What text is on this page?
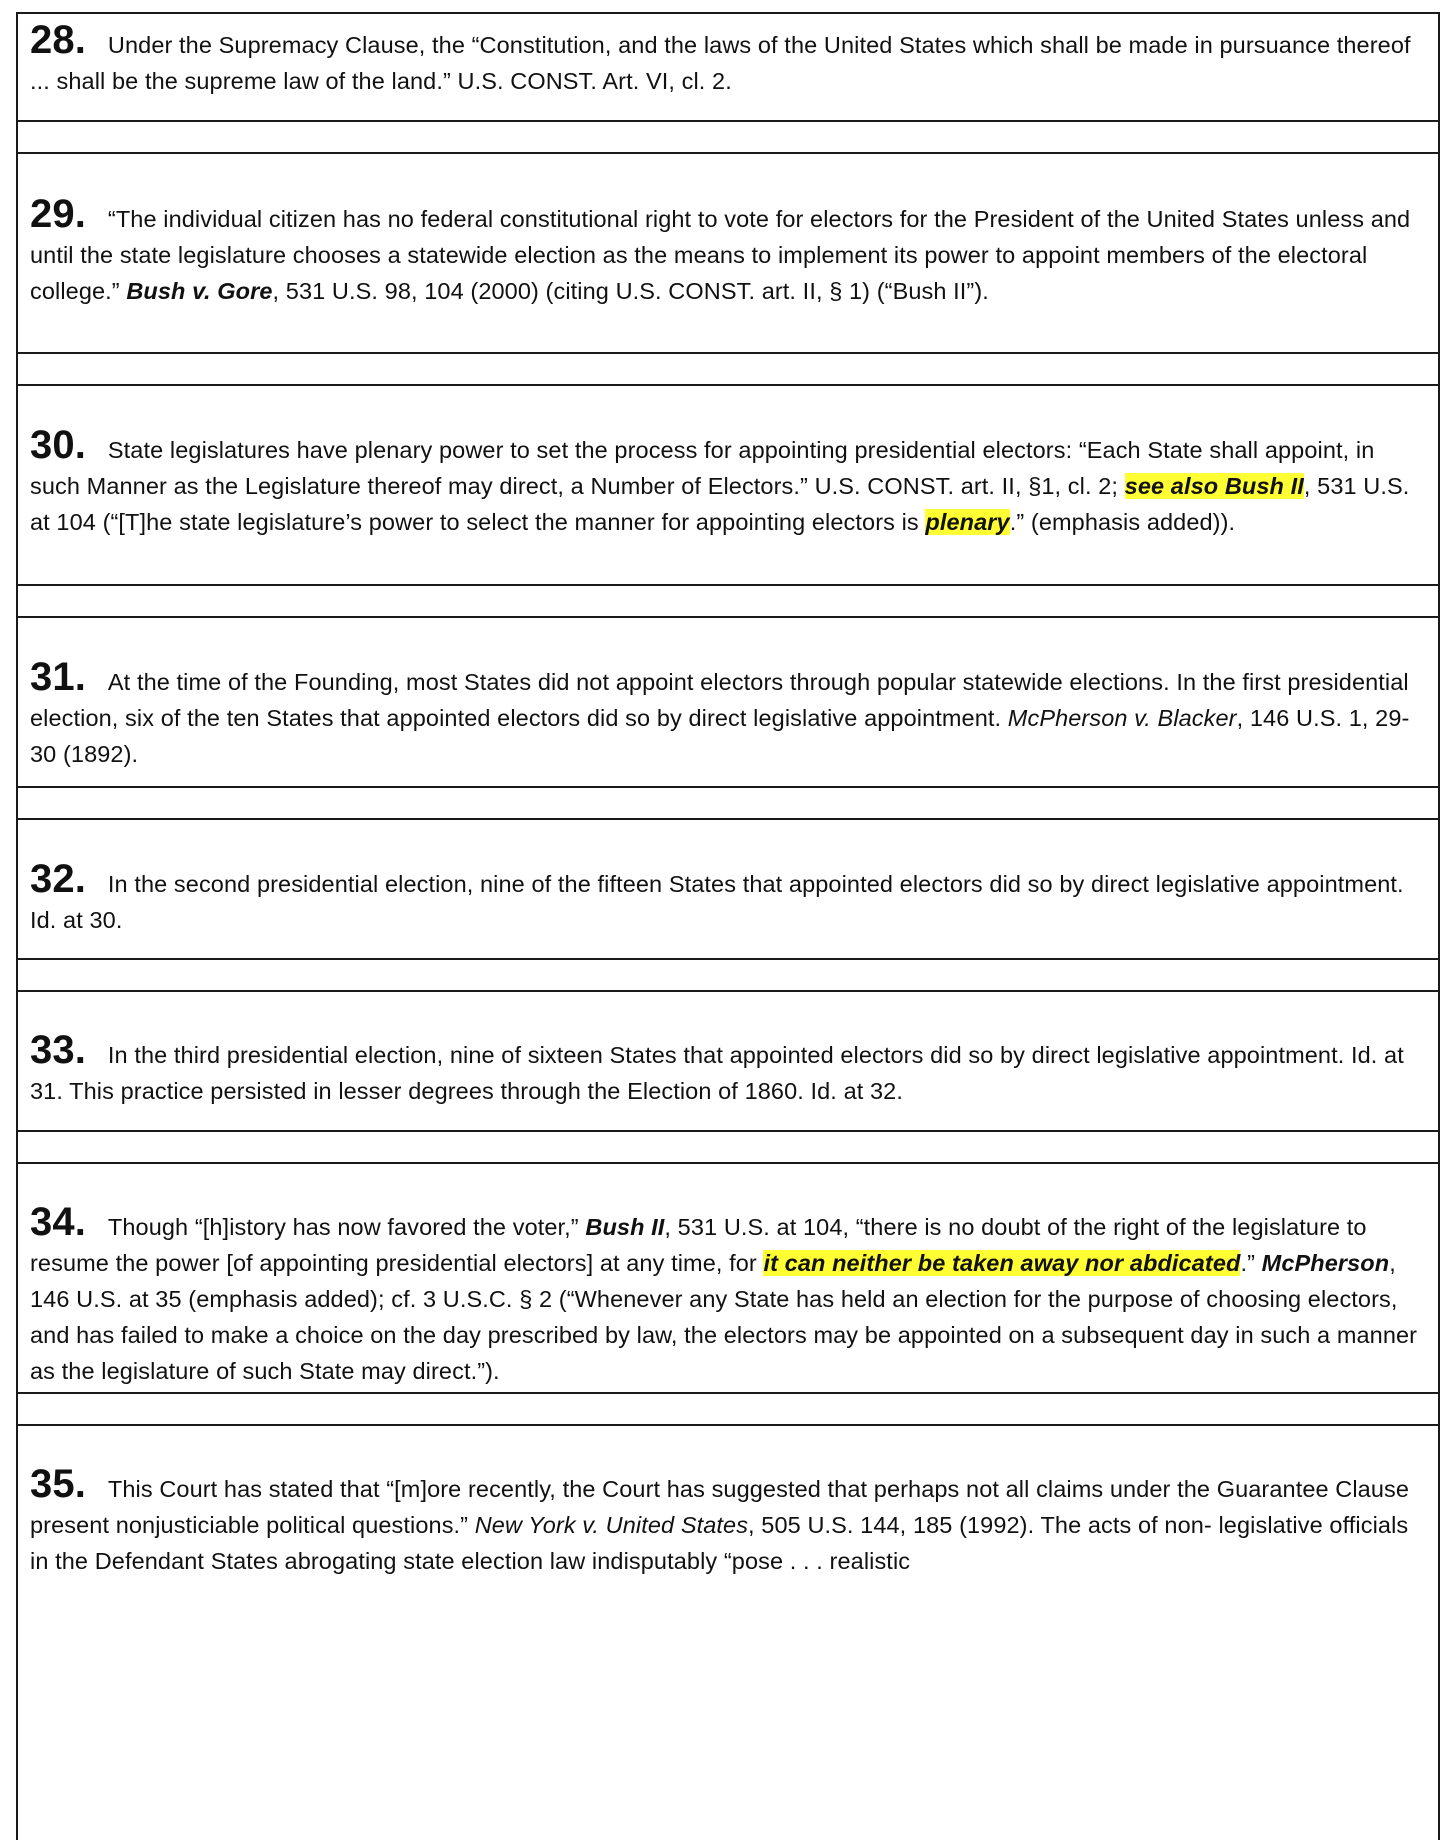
28. Under the Supremacy Clause, the “Constitution, and the laws of the United States which shall be made in pursuance thereof ... shall be the supreme law of the land.” U.S. CONST. Art. VI, cl. 2.
29. “The individual citizen has no federal constitutional right to vote for electors for the President of the United States unless and until the state legislature chooses a statewide election as the means to implement its power to appoint members of the electoral college.” Bush v. Gore, 531 U.S. 98, 104 (2000) (citing U.S. CONST. art. II, § 1) (“Bush II”).
30. State legislatures have plenary power to set the process for appointing presidential electors: “Each State shall appoint, in such Manner as the Legislature thereof may direct, a Number of Electors.” U.S. CONST. art. II, §1, cl. 2; see also Bush II, 531 U.S. at 104 (“[T]he state legislature’s power to select the manner for appointing electors is plenary.” (emphasis added)).
31. At the time of the Founding, most States did not appoint electors through popular statewide elections. In the first presidential election, six of the ten States that appointed electors did so by direct legislative appointment. McPherson v. Blacker, 146 U.S. 1, 29-30 (1892).
32. In the second presidential election, nine of the fifteen States that appointed electors did so by direct legislative appointment. Id. at 30.
33. In the third presidential election, nine of sixteen States that appointed electors did so by direct legislative appointment. Id. at 31. This practice persisted in lesser degrees through the Election of 1860. Id. at 32.
34. Though “[h]istory has now favored the voter,” Bush II, 531 U.S. at 104, “there is no doubt of the right of the legislature to resume the power [of appointing presidential electors] at any time, for it can neither be taken away nor abdicated.” McPherson, 146 U.S. at 35 (emphasis added); cf. 3 U.S.C. § 2 (“Whenever any State has held an election for the purpose of choosing electors, and has failed to make a choice on the day prescribed by law, the electors may be appointed on a subsequent day in such a manner as the legislature of such State may direct.”).
35. This Court has stated that “[m]ore recently, the Court has suggested that perhaps not all claims under the Guarantee Clause present nonjusticiable political questions.” New York v. United States, 505 U.S. 144, 185 (1992). The acts of non- legislative officials in the Defendant States abrogating state election law indisputably “pose . . . realistic
